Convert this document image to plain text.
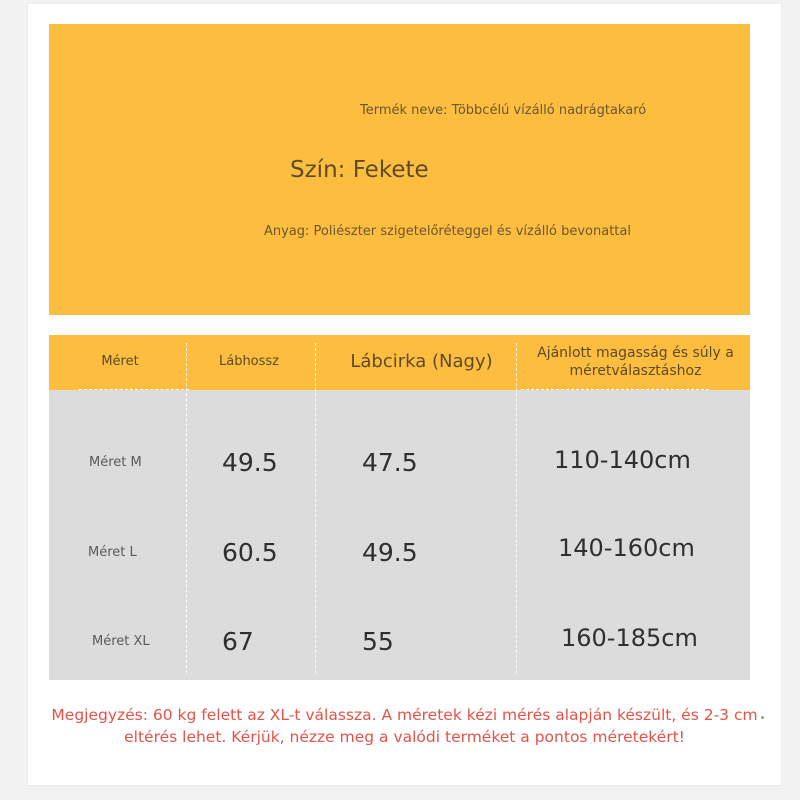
Termék neve: Többcélú vízálló nadrágtakaró
Szín: Fekete
Anyag: Poliészter szigetelőréteggel és vízálló bevonattal
Méret	Lábhossz	Lábcirka (Nagy)	Ajánlott magasság és súly a méretválasztáshoz
Méret M	49.5	47.5	110-140cm
Méret L	60.5	49.5	140-160cm
Méret XL	67	55	160-185cm
Megjegyzés: 60 kg felett az XL-t válassza. A méretek kézi mérés alapján készült, és 2-3 cm eltérés lehet. Kérjük, nézze meg a valódi terméket a pontos méretekért!
